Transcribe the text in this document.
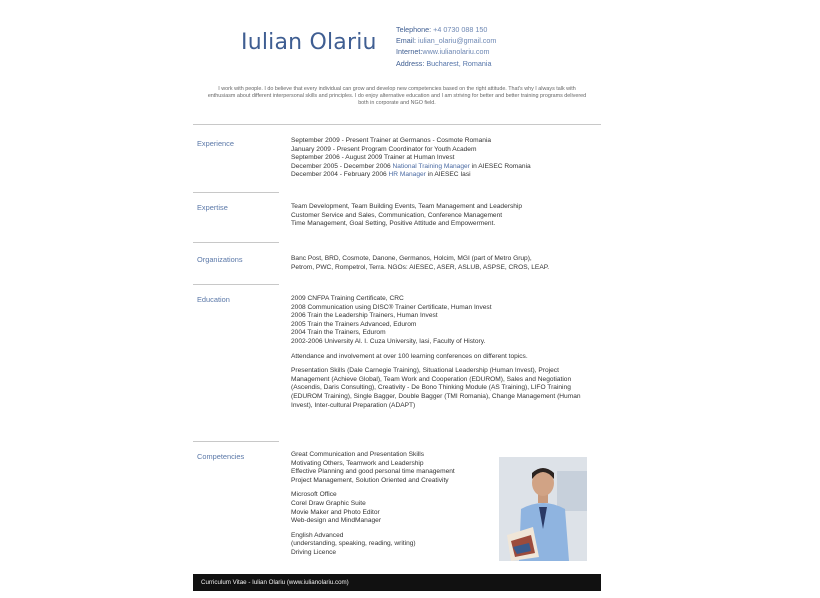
Iulian Olariu
Telephone: +4 0730 088 150
Email: iulian_olariu@gmail.com
Internet:www.iulianolariu.com
Address: Bucharest, Romania
I work with people. I do believe that every individual can grow and develop new competencies based on the right attitude. That's why I always talk with enthusiasm about different interpersonal skills and principles. I do enjoy alternative education and I am striving for better and better training programs delivered both in corporate and NGO field.
Experience	September 2009 - Present Trainer at Germanos - Cosmote Romania
January 2009 - Present Program Coordinator for Youth Academ
September 2006 - August 2009 Trainer at Human Invest
December 2005 - December 2006 National Training Manager in AIESEC Romania
December 2004 - February 2006 HR Manager in AIESEC Iasi
Expertise	Team Development, Team Building Events, Team Management and Leadership
Customer Service and Sales, Communication, Conference Management
Time Management, Goal Setting, Positive Attitude and Empowerment.
Organizations	Banc Post, BRD, Cosmote, Danone, Germanos, Holcim, MGI (part of Metro Grup),
Petrom, PWC, Rompetrol, Terra. NGOs: AIESEC, ASER, ASLUB, ASPSE, CROS, LEAP.
Education	2009 CNFPA Training Certificate, CRC
2008 Communication using DISC® Trainer Certificate, Human Invest
2006 Train the Leadership Trainers, Human Invest
2005 Train the Trainers Advanced, Edurom
2004 Train the Trainers, Edurom
2002-2006 University Al. I. Cuza University, Iasi, Faculty of History.
Attendance and involvement at over 100 learning conferences on different topics.
Presentation Skills (Dale Carnegie Training), Situational Leadership (Human Invest), Project Management (Achieve Global), Team Work and Cooperation (EDUROM), Sales and Negotiation (Ascendis, Daris Consulting), Creativity - De Bono Thinking Module (AS Training), LIFO Training (EDUROM Training), Single Bagger, Double Bagger (TMI Romania), Change Management (Human Invest), Inter-cultural Preparation (ADAPT)
Competencies	Great Communication and Presentation Skills
Motivating Others, Teamwork and Leadership
Effective Planning and good personal time management
Project Management, Solution Oriented and Creativity
Microsoft Office
Corel Draw Graphic Suite
Movie Maker and Photo Editor
Web-design and MindManager
English Advanced
(understanding, speaking, reading, writing)
Driving Licence
Curriculum Vitae - Iulian Olariu (www.iulianolariu.com)
